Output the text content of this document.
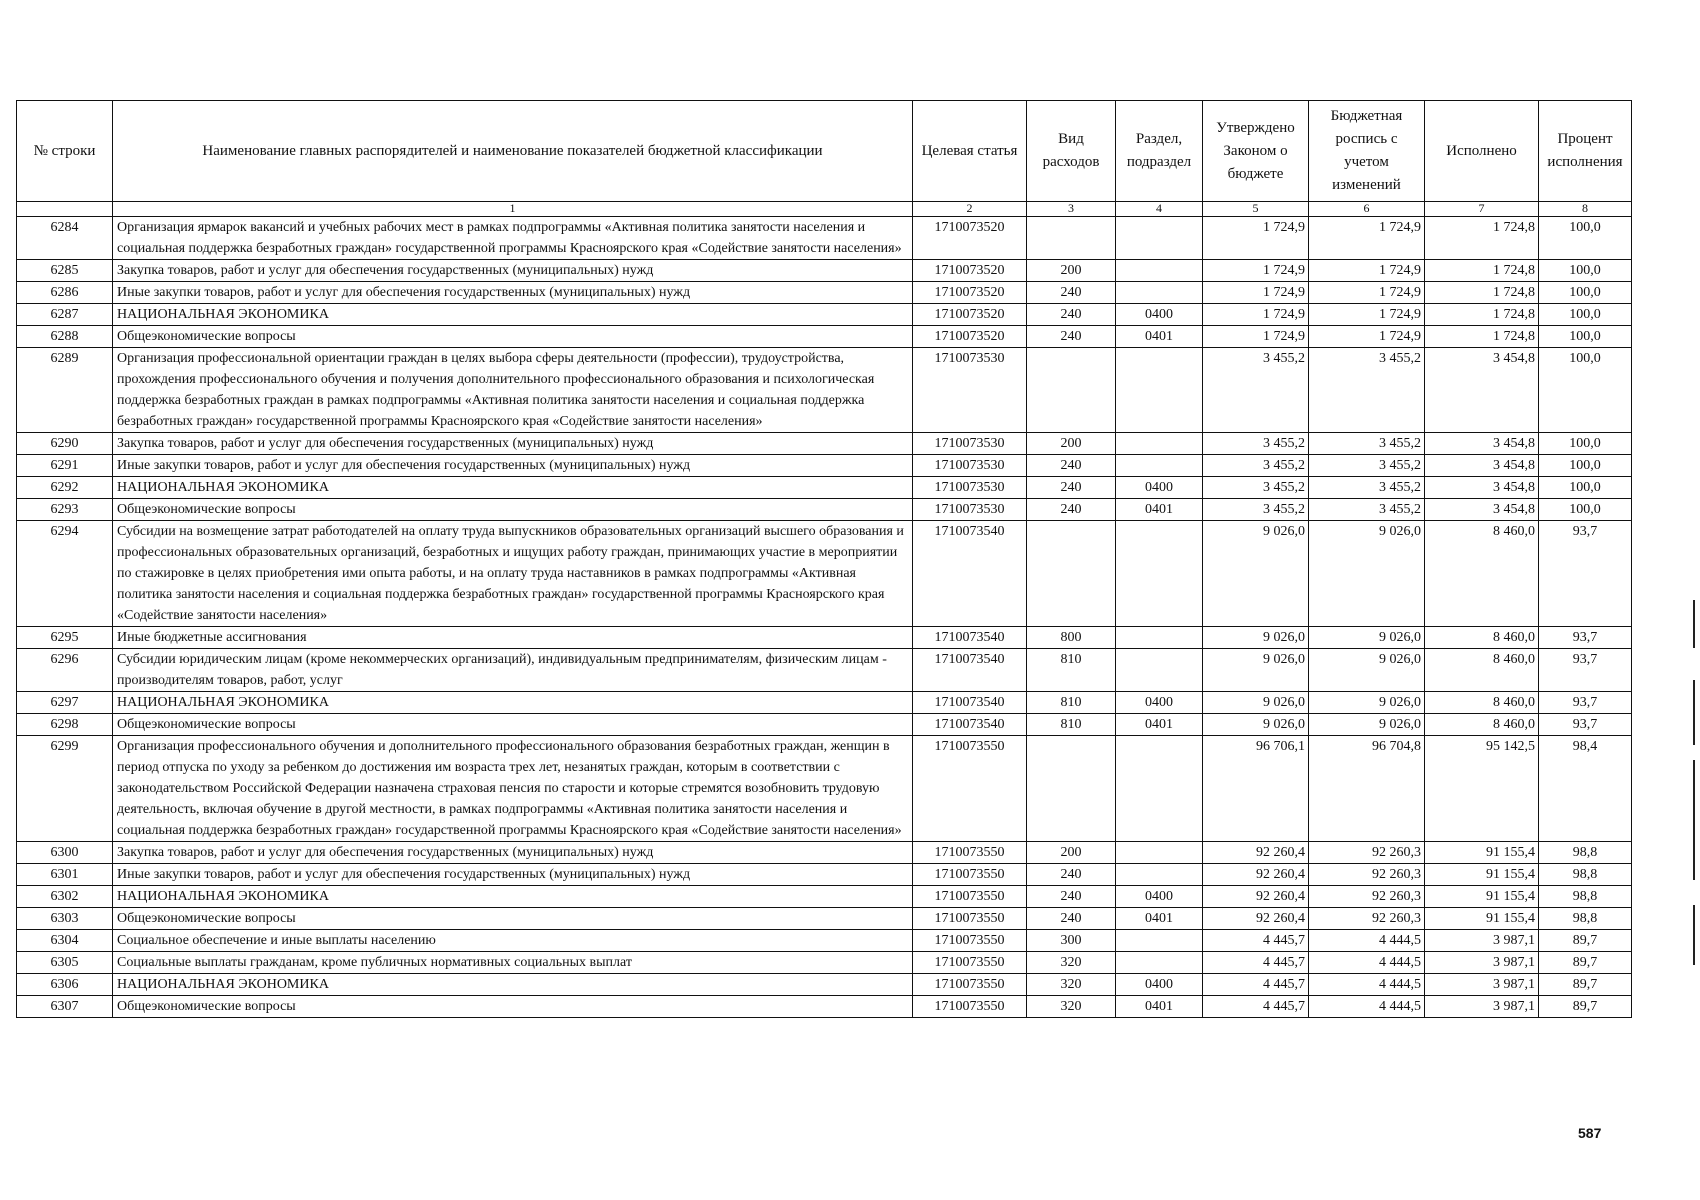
№ строки	Наименование главных распорядителей и наименование показателей бюджетной классификации	Целевая статья	Вид расходов	Раздел, подраздел	Утверждено Законом о бюджете	Бюджетная роспись с учетом изменений	Исполнено	Процент исполнения
	1	2	3	4	5	6	7	8
6284	Организация ярмарок вакансий и учебных рабочих мест в рамках подпрограммы «Активная политика занятости населения и социальная поддержка безработных граждан» государственной программы Красноярского края «Содействие занятости населения»	1710073520			1 724,9	1 724,9	1 724,8	100,0
6285	Закупка товаров, работ и услуг для обеспечения государственных (муниципальных) нужд	1710073520	200		1 724,9	1 724,9	1 724,8	100,0
6286	Иные закупки товаров, работ и услуг для обеспечения государственных (муниципальных) нужд	1710073520	240		1 724,9	1 724,9	1 724,8	100,0
6287	НАЦИОНАЛЬНАЯ ЭКОНОМИКА	1710073520	240	0400	1 724,9	1 724,9	1 724,8	100,0
6288	Общеэкономические вопросы	1710073520	240	0401	1 724,9	1 724,9	1 724,8	100,0
6289	Организация профессиональной ориентации граждан в целях выбора сферы деятельности (профессии), трудоустройства, прохождения профессионального обучения и получения дополнительного профессионального образования и психологическая поддержка безработных граждан в рамках подпрограммы «Активная политика занятости населения и социальная поддержка безработных граждан» государственной программы Красноярского края «Содействие занятости населения»	1710073530			3 455,2	3 455,2	3 454,8	100,0
6290	Закупка товаров, работ и услуг для обеспечения государственных (муниципальных) нужд	1710073530	200		3 455,2	3 455,2	3 454,8	100,0
6291	Иные закупки товаров, работ и услуг для обеспечения государственных (муниципальных) нужд	1710073530	240		3 455,2	3 455,2	3 454,8	100,0
6292	НАЦИОНАЛЬНАЯ ЭКОНОМИКА	1710073530	240	0400	3 455,2	3 455,2	3 454,8	100,0
6293	Общеэкономические вопросы	1710073530	240	0401	3 455,2	3 455,2	3 454,8	100,0
6294	Субсидии на возмещение затрат работодателей на оплату труда выпускников образовательных организаций высшего образования и профессиональных образовательных организаций, безработных и ищущих работу граждан, принимающих участие в мероприятии по стажировке в целях приобретения ими опыта работы, и на оплату труда наставников в рамках подпрограммы «Активная политика занятости населения и социальная поддержка безработных граждан» государственной программы Красноярского края «Содействие занятости населения»	1710073540			9 026,0	9 026,0	8 460,0	93,7
6295	Иные бюджетные ассигнования	1710073540	800		9 026,0	9 026,0	8 460,0	93,7
6296	Субсидии юридическим лицам (кроме некоммерческих организаций), индивидуальным предпринимателям, физическим лицам - производителям товаров, работ, услуг	1710073540	810		9 026,0	9 026,0	8 460,0	93,7
6297	НАЦИОНАЛЬНАЯ ЭКОНОМИКА	1710073540	810	0400	9 026,0	9 026,0	8 460,0	93,7
6298	Общеэкономические вопросы	1710073540	810	0401	9 026,0	9 026,0	8 460,0	93,7
6299	Организация профессионального обучения и дополнительного профессионального образования безработных граждан, женщин в период отпуска по уходу за ребенком до достижения им возраста трех лет, незанятых граждан, которым в соответствии с законодательством Российской Федерации назначена страховая пенсия по старости и которые стремятся возобновить трудовую деятельность, включая обучение в другой местности, в рамках подпрограммы «Активная политика занятости населения и социальная поддержка безработных граждан» государственной программы Красноярского края «Содействие занятости населения»	1710073550			96 706,1	96 704,8	95 142,5	98,4
6300	Закупка товаров, работ и услуг для обеспечения государственных (муниципальных) нужд	1710073550	200		92 260,4	92 260,3	91 155,4	98,8
6301	Иные закупки товаров, работ и услуг для обеспечения государственных (муниципальных) нужд	1710073550	240		92 260,4	92 260,3	91 155,4	98,8
6302	НАЦИОНАЛЬНАЯ ЭКОНОМИКА	1710073550	240	0400	92 260,4	92 260,3	91 155,4	98,8
6303	Общеэкономические вопросы	1710073550	240	0401	92 260,4	92 260,3	91 155,4	98,8
6304	Социальное обеспечение и иные выплаты населению	1710073550	300		4 445,7	4 444,5	3 987,1	89,7
6305	Социальные выплаты гражданам, кроме публичных нормативных социальных выплат	1710073550	320		4 445,7	4 444,5	3 987,1	89,7
6306	НАЦИОНАЛЬНАЯ ЭКОНОМИКА	1710073550	320	0400	4 445,7	4 444,5	3 987,1	89,7
6307	Общеэкономические вопросы	1710073550	320	0401	4 445,7	4 444,5	3 987,1	89,7
587
